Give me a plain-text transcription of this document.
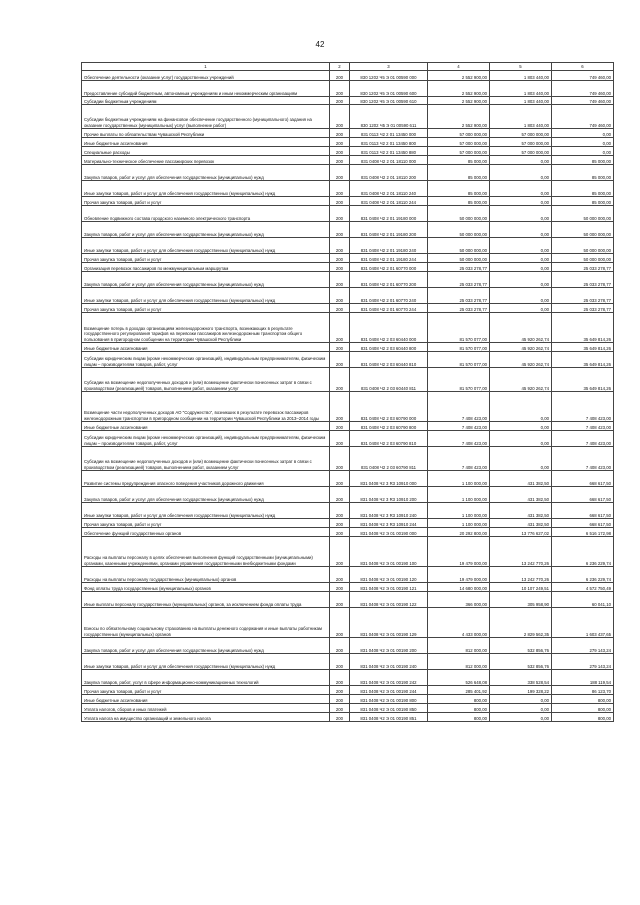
42
1	2	3	4	5	6
Обеспечение деятельности (оказание услуг) государственных учреждений	200	830 1202 Ч5 Э 01 00590 000	2 552 900,00	1 803 440,00	749 460,00
Предоставление субсидий бюджетным, автономным учреждениям и иным некоммерческим организациям	200	830 1202 Ч5 Э 01 00590 600	2 552 900,00	1 803 440,00	749 460,00
Субсидии бюджетным учреждениям	200	830 1202 Ч5 Э 01 00590 610	2 552 900,00	1 803 440,00	749 460,00
Субсидии бюджетным учреждениям на финансовое обеспечение государственного (муниципального) задания на оказание государственных (муниципальных) услуг (выполнение работ)	200	830 1202 Ч5 Э 01 00590 611	2 552 900,00	1 803 440,00	749 460,00
Прочие выплаты по обязательствам Чувашской Республики	200	831 0113 Ч2 2 01 13450 000	57 000 000,00	57 000 000,00	0,00
Иные бюджетные ассигнования	200	831 0113 Ч2 2 01 13450 800	57 000 000,00	57 000 000,00	0,00
Специальные расходы	200	831 0113 Ч2 2 01 13450 880	57 000 000,00	57 000 000,00	0,00
Материально-техническое обеспечение пассажирских перевозок	200	831 0408 Ч2 2 01 18110 000	85 000,00	0,00	85 000,00
Закупка товаров, работ и услуг для обеспечения государственных (муниципальных) нужд	200	831 0408 Ч2 2 01 18110 200	85 000,00	0,00	85 000,00
Иные закупки товаров, работ и услуг для обеспечения государственных (муниципальных) нужд	200	831 0408 Ч2 2 01 18110 240	85 000,00	0,00	85 000,00
Прочая закупка товаров, работ и услуг	200	831 0408 Ч2 2 01 18110 244	85 000,00	0,00	85 000,00
Обновление подвижного состава городского наземного электрического транспорта	200	831 0408 Ч2 2 01 19180 000	50 000 000,00	0,00	50 000 000,00
Закупка товаров, работ и услуг для обеспечения государственных (муниципальных) нужд	200	831 0408 Ч2 2 01 19180 200	50 000 000,00	0,00	50 000 000,00
Иные закупки товаров, работ и услуг для обеспечения государственных (муниципальных) нужд	200	831 0408 Ч2 2 01 19180 240	50 000 000,00	0,00	50 000 000,00
Прочая закупка товаров, работ и услуг	200	831 0408 Ч2 2 01 19180 244	50 000 000,00	0,00	50 000 000,00
Организация перевозок пассажиров по межмуниципальным маршрутам	200	831 0408 Ч2 2 01 60770 000	25 033 278,77	0,00	25 033 278,77
Закупка товаров, работ и услуг для обеспечения государственных (муниципальных) нужд	200	831 0408 Ч2 2 01 60770 200	25 033 278,77	0,00	25 033 278,77
Иные закупки товаров, работ и услуг для обеспечения государственных (муниципальных) нужд	200	831 0408 Ч2 2 01 60770 240	25 033 278,77	0,00	25 033 278,77
Прочая закупка товаров, работ и услуг	200	831 0408 Ч2 2 01 60770 244	25 033 278,77	0,00	25 033 278,77
Возмещение потерь в доходах организациям железнодорожного транспорта, возникающих в результате государственного регулирования тарифов на перевозки пассажиров железнодорожным транспортом общего пользования в пригородном сообщении на территории Чувашской Республики	200	831 0408 Ч2 2 03 60440 000	81 570 077,00	45 920 262,74	35 649 814,26
Иные бюджетные ассигнования	200	831 0408 Ч2 2 03 60440 800	81 570 077,00	45 920 262,74	35 649 814,26
Субсидии юридическим лицам (кроме некоммерческих организаций), индивидуальным предпринимателям, физическим лицам – производителям товаров, работ, услуг	200	831 0408 Ч2 2 03 60440 810	81 570 077,00	45 920 262,74	35 649 814,26
Субсидии на возмещение недополученных доходов и (или) возмещение фактически понесенных затрат в связи с производством (реализацией) товаров, выполнением работ, оказанием услуг	200	831 0408 Ч2 2 03 60440 811	81 570 077,00	45 920 262,74	35 649 814,26
Возмещение части недополученных доходов АО "Содружество", возникших в результате перевозок пассажиров железнодорожным транспортом в пригородном сообщении на территории Чувашской Республики за 2013–2014 годы	200	831 0408 Ч2 2 03 60790 000	7 408 423,00	0,00	7 408 423,00
Иные бюджетные ассигнования	200	831 0408 Ч2 2 03 60790 800	7 408 423,00	0,00	7 408 423,00
Субсидии юридическим лицам (кроме некоммерческих организаций), индивидуальным предпринимателям, физическим лицам – производителям товаров, работ, услуг	200	831 0408 Ч2 2 03 60790 810	7 408 423,00	0,00	7 408 423,00
Субсидии на возмещение недополученных доходов и (или) возмещение фактически понесенных затрат в связи с производством (реализацией) товаров, выполнением работ, оказанием услуг	200	831 0408 Ч2 2 03 60790 811	7 408 423,00	0,00	7 408 423,00
Развитие системы предупреждения опасного поведения участников дорожного движения	200	831 0408 Ч2 3 R3 10910 000	1 100 000,00	431 382,50	668 617,50
Закупка товаров, работ и услуг для обеспечения государственных (муниципальных) нужд	200	831 0408 Ч2 3 R3 10910 200	1 100 000,00	431 382,50	668 617,50
Иные закупки товаров, работ и услуг для обеспечения государственных (муниципальных) нужд	200	831 0408 Ч2 3 R3 10910 240	1 100 000,00	431 382,50	668 617,50
Прочая закупка товаров, работ и услуг	200	831 0408 Ч2 3 R3 10910 244	1 100 000,00	431 382,50	668 617,50
Обеспечение функций государственных органов	200	831 0408 Ч2 Э 01 00190 000	20 292 800,00	13 776 627,02	6 516 172,98
Расходы на выплаты персоналу в целях обеспечения выполнения функций государственными (муниципальными) органами, казенными учреждениями, органами управления государственными внебюджетными фондами	200	831 0408 Ч2 Э 01 00190 100	19 479 000,00	13 242 770,26	6 236 229,74
Расходы на выплаты персоналу государственных (муниципальных) органов	200	831 0408 Ч2 Э 01 00190 120	19 479 000,00	13 242 770,26	6 236 229,74
Фонд оплаты труда государственных (муниципальных) органов	200	831 0408 Ч2 Э 01 00190 121	14 680 000,00	10 107 249,51	4 572 750,49
Иные выплаты персоналу государственных (муниципальных) органов, за исключением фонда оплаты труда	200	831 0408 Ч2 Э 01 00190 122	366 000,00	305 958,90	60 041,10
Взносы по обязательному социальному страхованию на выплаты денежного содержания и иные выплаты работникам государственных (муниципальных) органов	200	831 0408 Ч2 Э 01 00190 129	4 433 000,00	2 829 562,35	1 603 437,65
Закупка товаров, работ и услуг для обеспечения государственных (муниципальных) нужд	200	831 0408 Ч2 Э 01 00190 200	812 000,00	532 856,76	279 143,24
Иные закупки товаров, работ и услуг для обеспечения государственных (муниципальных) нужд	200	831 0408 Ч2 Э 01 00190 240	812 000,00	532 856,76	279 143,24
Закупка товаров, работ, услуг в сфере информационно-коммуникационных технологий	200	831 0408 Ч2 Э 01 00190 242	526 648,08	338 528,54	188 119,54
Прочая закупка товаров, работ и услуг	200	831 0408 Ч2 Э 01 00190 244	285 401,92	199 328,22	86 123,70
Иные бюджетные ассигнования	200	831 0408 Ч2 Э 01 00190 800	800,00	0,00	800,00
Уплата налогов, сборов и иных платежей	200	831 0408 Ч2 Э 01 00190 850	800,00	0,00	800,00
Уплата налога на имущество организаций и земельного налога	200	831 0408 Ч2 Э 01 00190 851	800,00	0,00	800,00
